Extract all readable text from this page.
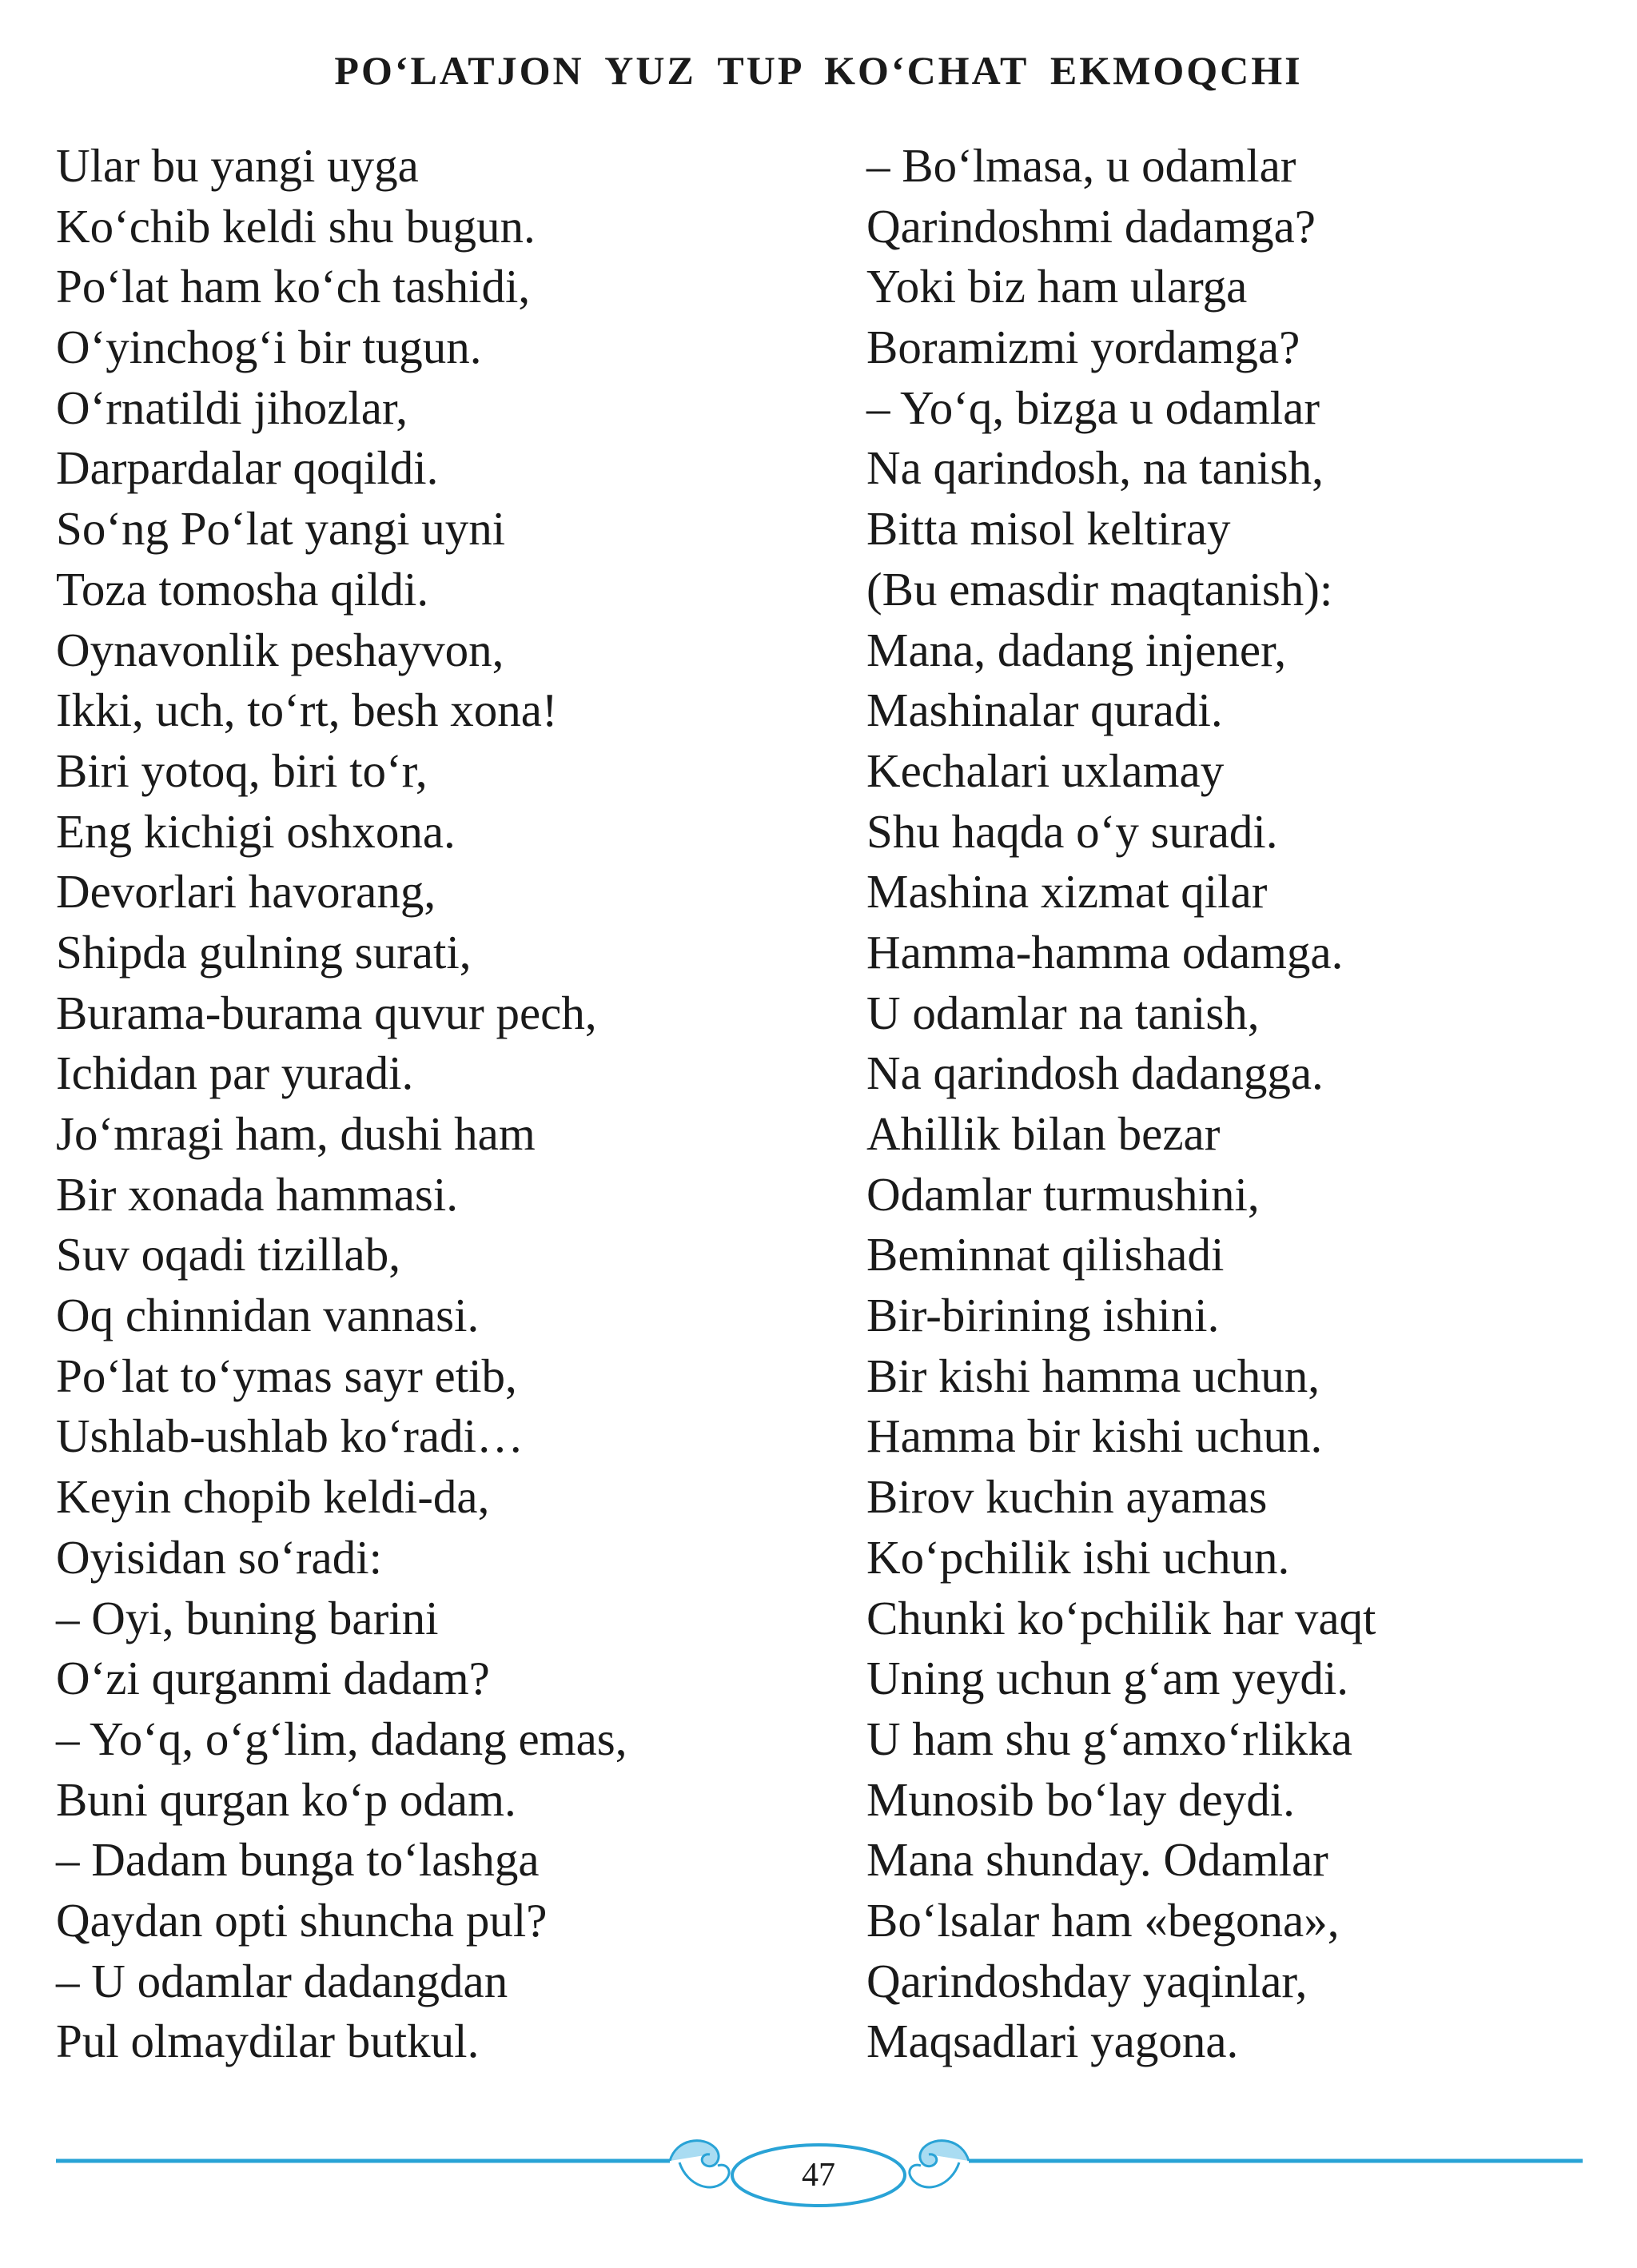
PO‘LATJON YUZ TUP KO‘CHAT EKMOQCHI
Ular bu yangi uyga
Ko‘chib keldi shu bugun.
Po‘lat ham ko‘ch tashidi,
O‘yinchog‘i bir tugun.
O‘rnatildi jihozlar,
Darpardalar qoqildi.
So‘ng Po‘lat yangi uyni
Toza tomosha qildi.
Oynavonlik peshayvon,
Ikki, uch, to‘rt, besh xona!
Biri yotoq, biri to‘r,
Eng kichigi oshxona.
Devorlari havorang,
Shipda gulning surati,
Burama-burama quvur pech,
Ichidan par yuradi.
Jo‘mragi ham, dushi ham
Bir xonada hammasi.
Suv oqadi tizillab,
Oq chinnidan vannasi.
Po‘lat to‘ymas sayr etib,
Ushlab-ushlab ko‘radi…
Keyin chopib keldi-da,
Oyisidan so‘radi:
– Oyi, buning barini
O‘zi qurganmi dadam?
– Yo‘q, o‘g‘lim, dadang emas,
Buni qurgan ko‘p odam.
– Dadam bunga to‘lashga
Qaydan opti shuncha pul?
– U odamlar dadangdan
Pul olmaydilar butkul.
– Bo‘lmasa, u odamlar
Qarindoshmi dadamga?
Yoki biz ham ularga
Boramizmi yordamga?
– Yo‘q, bizga u odamlar
Na qarindosh, na tanish,
Bitta misol keltiray
(Bu emasdir maqtanish):
Mana, dadang injener,
Mashinalar quradi.
Kechalari uxlamay
Shu haqda o‘y suradi.
Mashina xizmat qilar
Hamma-hamma odamga.
U odamlar na tanish,
Na qarindosh dadangga.
Ahillik bilan bezar
Odamlar turmushini,
Beminnat qilishadi
Bir-birining ishini.
Bir kishi hamma uchun,
Hamma bir kishi uchun.
Birov kuchin ayamas
Ko‘pchilik ishi uchun.
Chunki ko‘pchilik har vaqt
Uning uchun g‘am yeydi.
U ham shu g‘amxo‘rlikka
Munosib bo‘lay deydi.
Mana shunday. Odamlar
Bo‘lsalar ham «begona»,
Qarindoshday yaqinlar,
Maqsadlari yagona.
47
